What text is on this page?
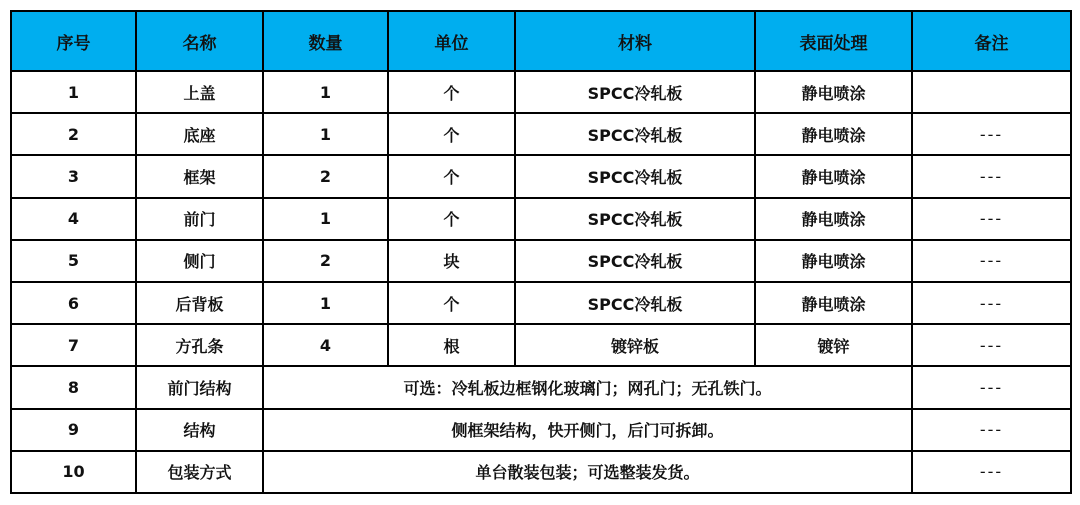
序号	名称	数量	单位	材料	表面处理	备注
1	上盖	1	个	SPCC冷轧板	静电喷涂	
2	底座	1	个	SPCC冷轧板	静电喷涂	---
3	框架	2	个	SPCC冷轧板	静电喷涂	---
4	前门	1	个	SPCC冷轧板	静电喷涂	---
5	侧门	2	块	SPCC冷轧板	静电喷涂	---
6	后背板	1	个	SPCC冷轧板	静电喷涂	---
7	方孔条	4	根	镀锌板	镀锌	---
8	前门结构	可选：冷轧板边框钢化玻璃门；网孔门；无孔铁门。				---
9	结构	侧框架结构，快开侧门，后门可拆卸。				---
10	包装方式	单台散装包装；可选整装发货。				---
